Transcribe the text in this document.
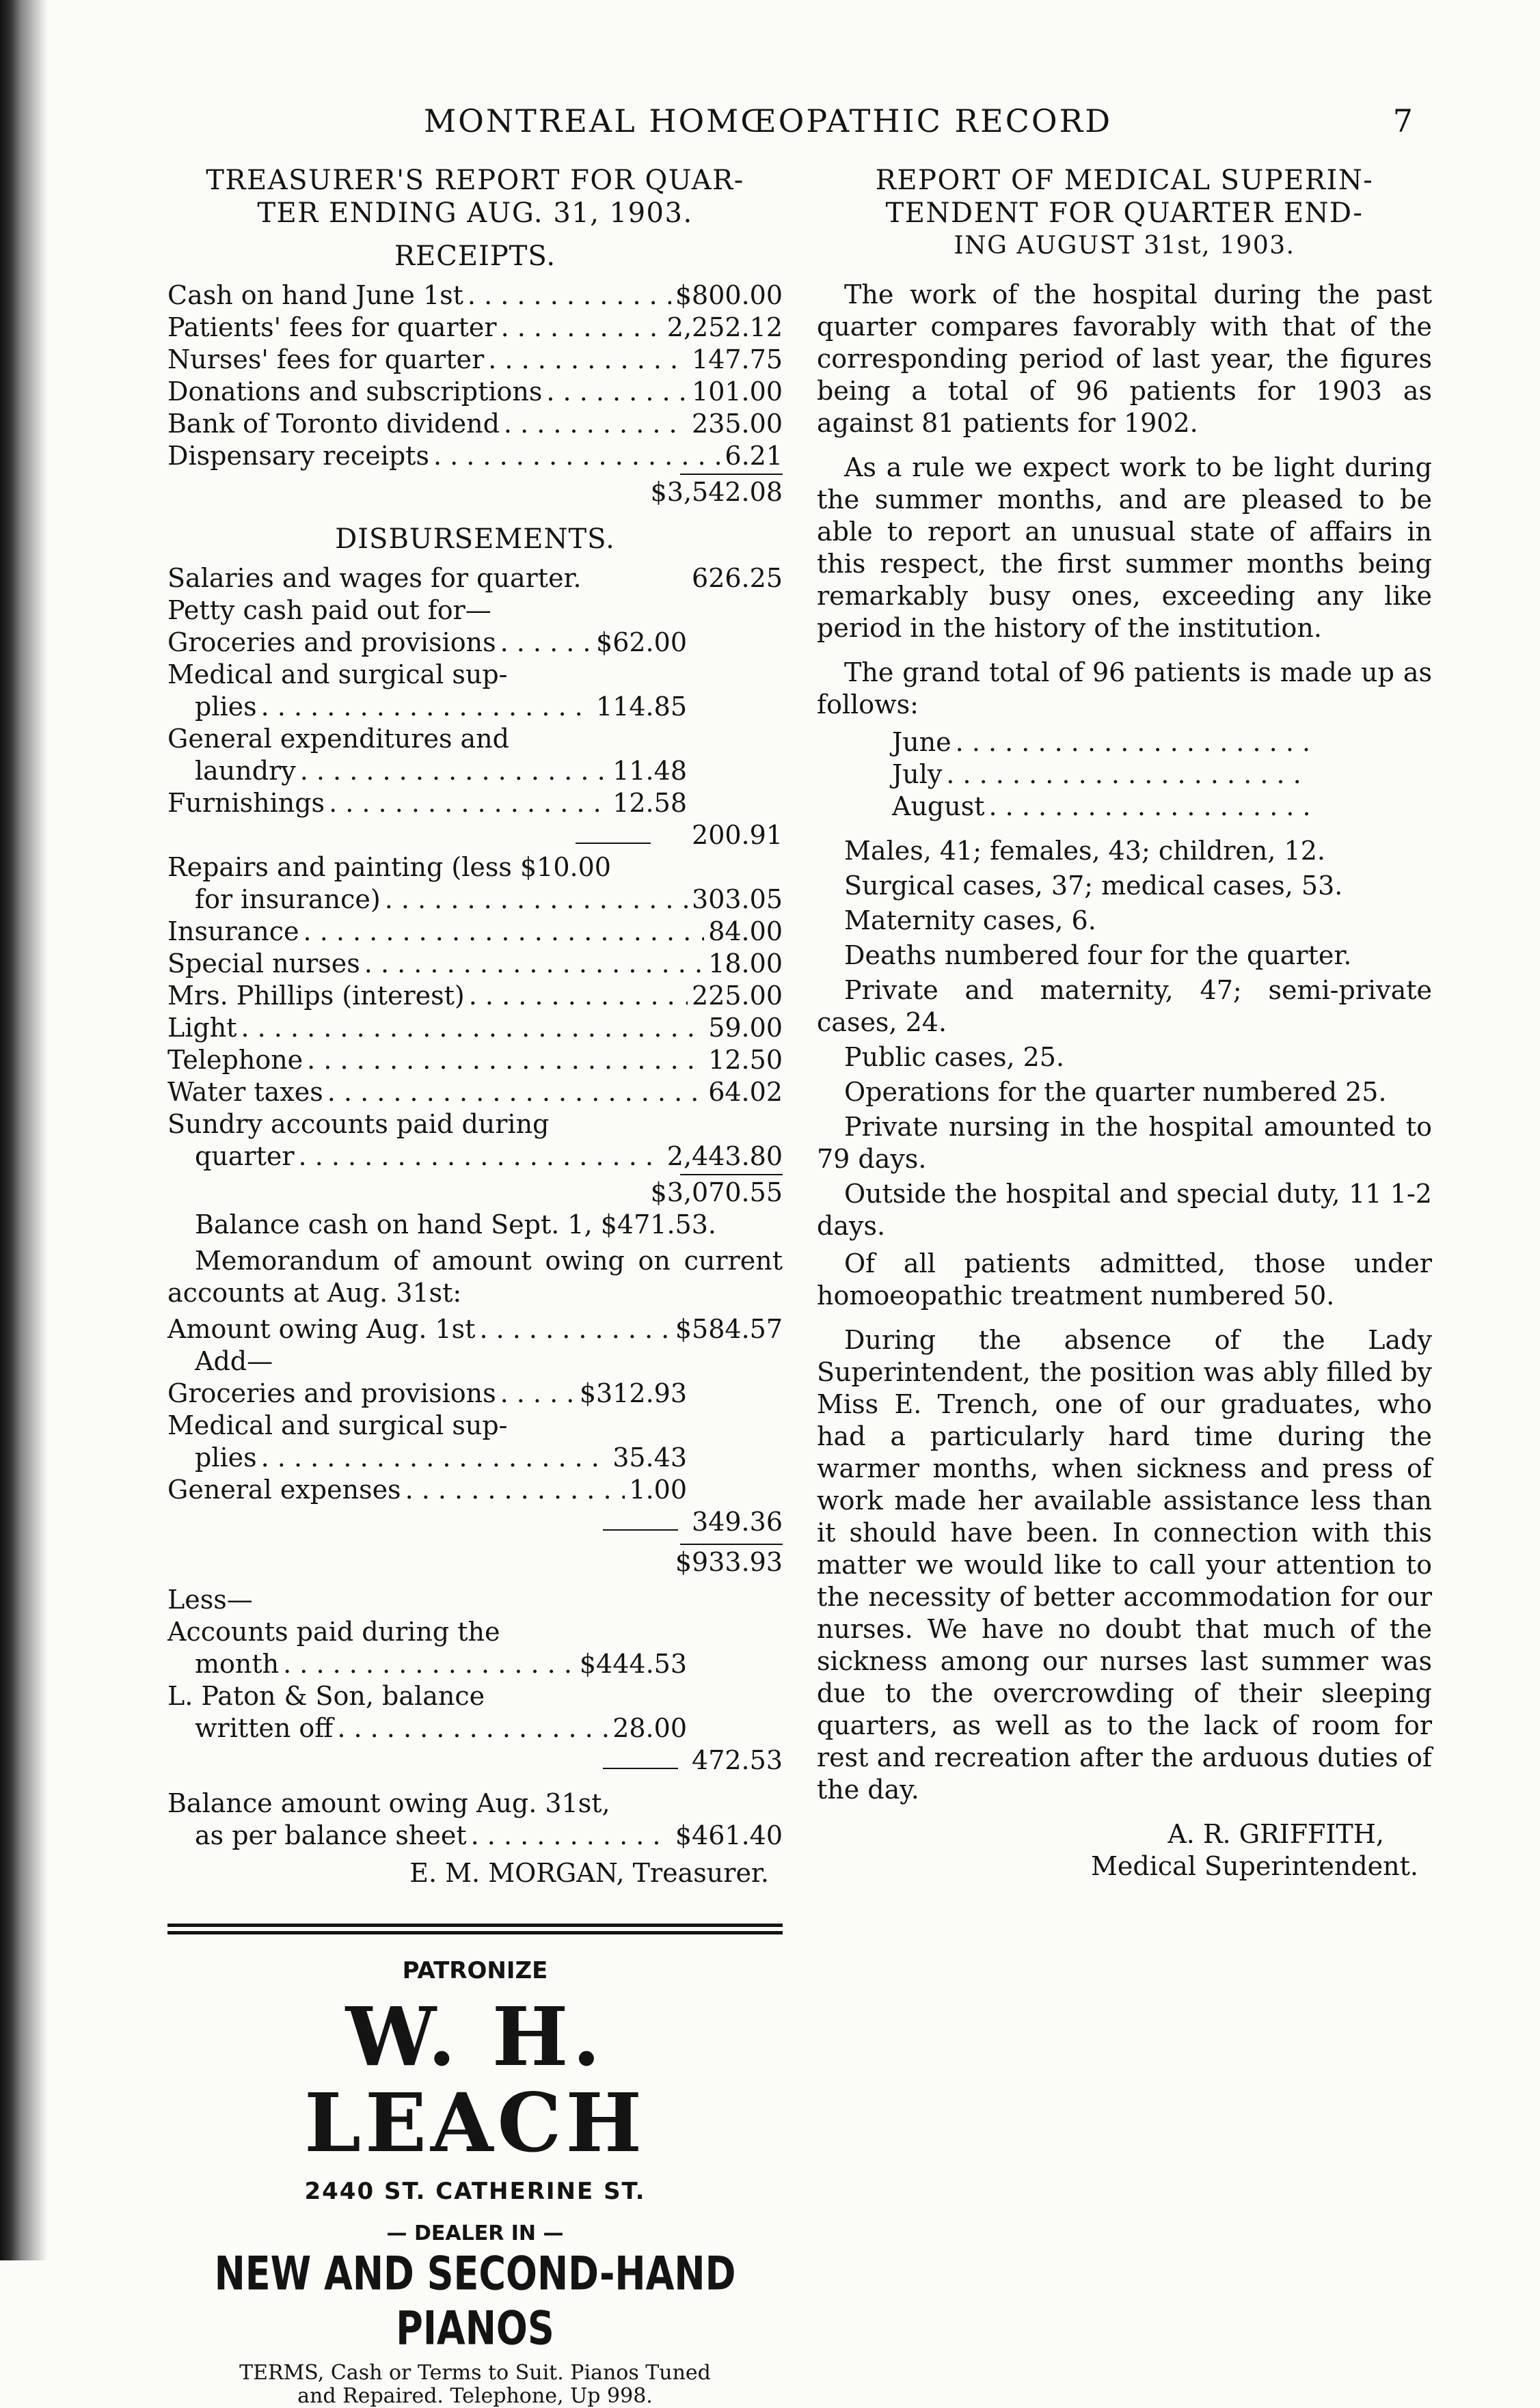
MONTREAL HOMŒOPATHIC RECORD	7
TREASURER'S REPORT FOR QUAR-
TER ENDING AUG. 31, 1903.
RECEIPTS.
Cash on hand June 1st . . .	$800.00
Patients' fees for quarter . . .	2,252.12
Nurses' fees for quarter . . .	147.75
Donations and subscriptions . . .	101.00
Bank of Toronto dividend . . .	235.00
Dispensary receipts . . .	6.21
$3,542.08
DISBURSEMENTS.
Salaries and wages for quarter.	626.25
Petty cash paid out for—
Groceries and provisions . . .	$62.00
Medical and surgical sup-
plies . . .	114.85
General expenditures and
laundry . . .	11.48
Furnishings . . .	12.58
200.91
Repairs and painting (less $10.00
for insurance) . . .	303.05
Insurance . . .	84.00
Special nurses . . .	18.00
Mrs. Phillips (interest) . . .	225.00
Light . . .	59.00
Telephone . . .	12.50
Water taxes . . .	64.02
Sundry accounts paid during
quarter . . .	2,443.80
$3,070.55
Balance cash on hand Sept. 1, $471.53.
Memorandum of amount owing on current accounts at Aug. 31st:
Amount owing Aug. 1st . . .	$584.57
Add—
Groceries and provisions . . .	$312.93
Medical and surgical sup-
plies . . .	35.43
General expenses . . .	1.00
349.36
$933.93
Less—
Accounts paid during the
month . . .	$444.53
L. Paton & Son, balance
written off . . .	28.00
472.53
Balance amount owing Aug. 31st,
as per balance sheet . . .	$461.40
E. M. MORGAN, Treasurer.
PATRONIZE
W. H. LEACH
2440 ST. CATHERINE ST.
— DEALER IN —
NEW AND SECOND-HAND PIANOS
TERMS, Cash or Terms to Suit. Pianos Tuned
and Repaired. Telephone, Up 998.
REPORT OF MEDICAL SUPERIN-
TENDENT FOR QUARTER END-
ING AUGUST 31st, 1903.
The work of the hospital during the past quarter compares favorably with that of the corresponding period of last year, the figures being a total of 96 patients for 1903 as against 81 patients for 1902.
As a rule we expect work to be light during the summer months, and are pleased to be able to report an unusual state of affairs in this respect, the first summer months being remarkably busy ones, exceeding any like period in the history of the institution.
The grand total of 96 patients is made up as follows:
June
. . .
July
. . .
August
. . .
Males, 41; females, 43; children, 12.
Surgical cases, 37; medical cases, 53.
Maternity cases, 6.
Deaths numbered four for the quarter.
Private and maternity, 47; semi-private cases, 24.
Public cases, 25.
Operations for the quarter numbered 25.
Private nursing in the hospital amounted to 79 days.
Outside the hospital and special duty, 11 1-2 days.
Of all patients admitted, those under homoeopathic treatment numbered 50.
During the absence of the Lady Superintendent, the position was ably filled by Miss E. Trench, one of our graduates, who had a particularly hard time during the warmer months, when sickness and press of work made her available assistance less than it should have been. In connection with this matter we would like to call your attention to the necessity of better accommodation for our nurses. We have no doubt that much of the sickness among our nurses last summer was due to the overcrowding of their sleeping quarters, as well as to the lack of room for rest and recreation after the arduous duties of the day.
A. R. GRIFFITH,
Medical Superintendent.
